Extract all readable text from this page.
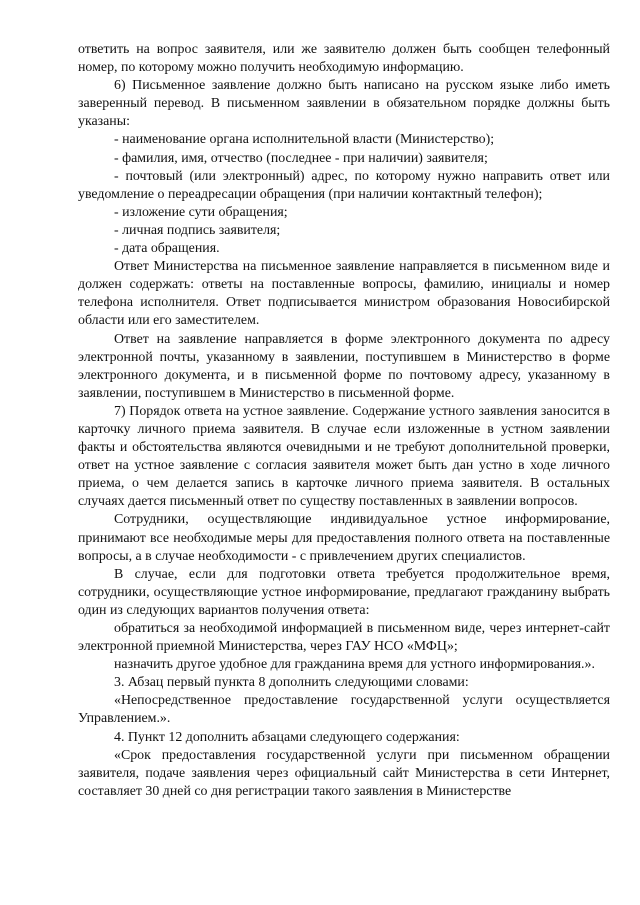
ответить на вопрос заявителя, или же заявителю должен быть сообщен телефонный номер, по которому можно получить необходимую информацию.

6) Письменное заявление должно быть написано на русском языке либо иметь заверенный перевод. В письменном заявлении в обязательном порядке должны быть указаны:

- наименование органа исполнительной власти (Министерство);

- фамилия, имя, отчество (последнее - при наличии) заявителя;

- почтовый (или электронный) адрес, по которому нужно направить ответ или уведомление о переадресации обращения (при наличии контактный телефон);

- изложение сути обращения;

- личная подпись заявителя;

- дата обращения.

Ответ Министерства на письменное заявление направляется в письменном виде и должен содержать: ответы на поставленные вопросы, фамилию, инициалы и номер телефона исполнителя. Ответ подписывается министром образования Новосибирской области или его заместителем.

Ответ на заявление направляется в форме электронного документа по адресу электронной почты, указанному в заявлении, поступившем в Министерство в форме электронного документа, и в письменной форме по почтовому адресу, указанному в заявлении, поступившем в Министерство в письменной форме.

7) Порядок ответа на устное заявление. Содержание устного заявления заносится в карточку личного приема заявителя. В случае если изложенные в устном заявлении факты и обстоятельства являются очевидными и не требуют дополнительной проверки, ответ на устное заявление с согласия заявителя может быть дан устно в ходе личного приема, о чем делается запись в карточке личного приема заявителя. В остальных случаях дается письменный ответ по существу поставленных в заявлении вопросов.

Сотрудники, осуществляющие индивидуальное устное информирование, принимают все необходимые меры для предоставления полного ответа на поставленные вопросы, а в случае необходимости - с привлечением других специалистов.

В случае, если для подготовки ответа требуется продолжительное время, сотрудники, осуществляющие устное информирование, предлагают гражданину выбрать один из следующих вариантов получения ответа:

обратиться за необходимой информацией в письменном виде, через интернет-сайт электронной приемной Министерства, через ГАУ НСО «МФЦ»;

назначить другое удобное для гражданина время для устного информирования.».

3. Абзац первый пункта 8 дополнить следующими словами:

«Непосредственное предоставление государственной услуги осуществляется Управлением.».

4. Пункт 12 дополнить абзацами следующего содержания:

«Срок предоставления государственной услуги при письменном обращении заявителя, подаче заявления через официальный сайт Министерства в сети Интернет, составляет 30 дней со дня регистрации такого заявления в Министерстве
